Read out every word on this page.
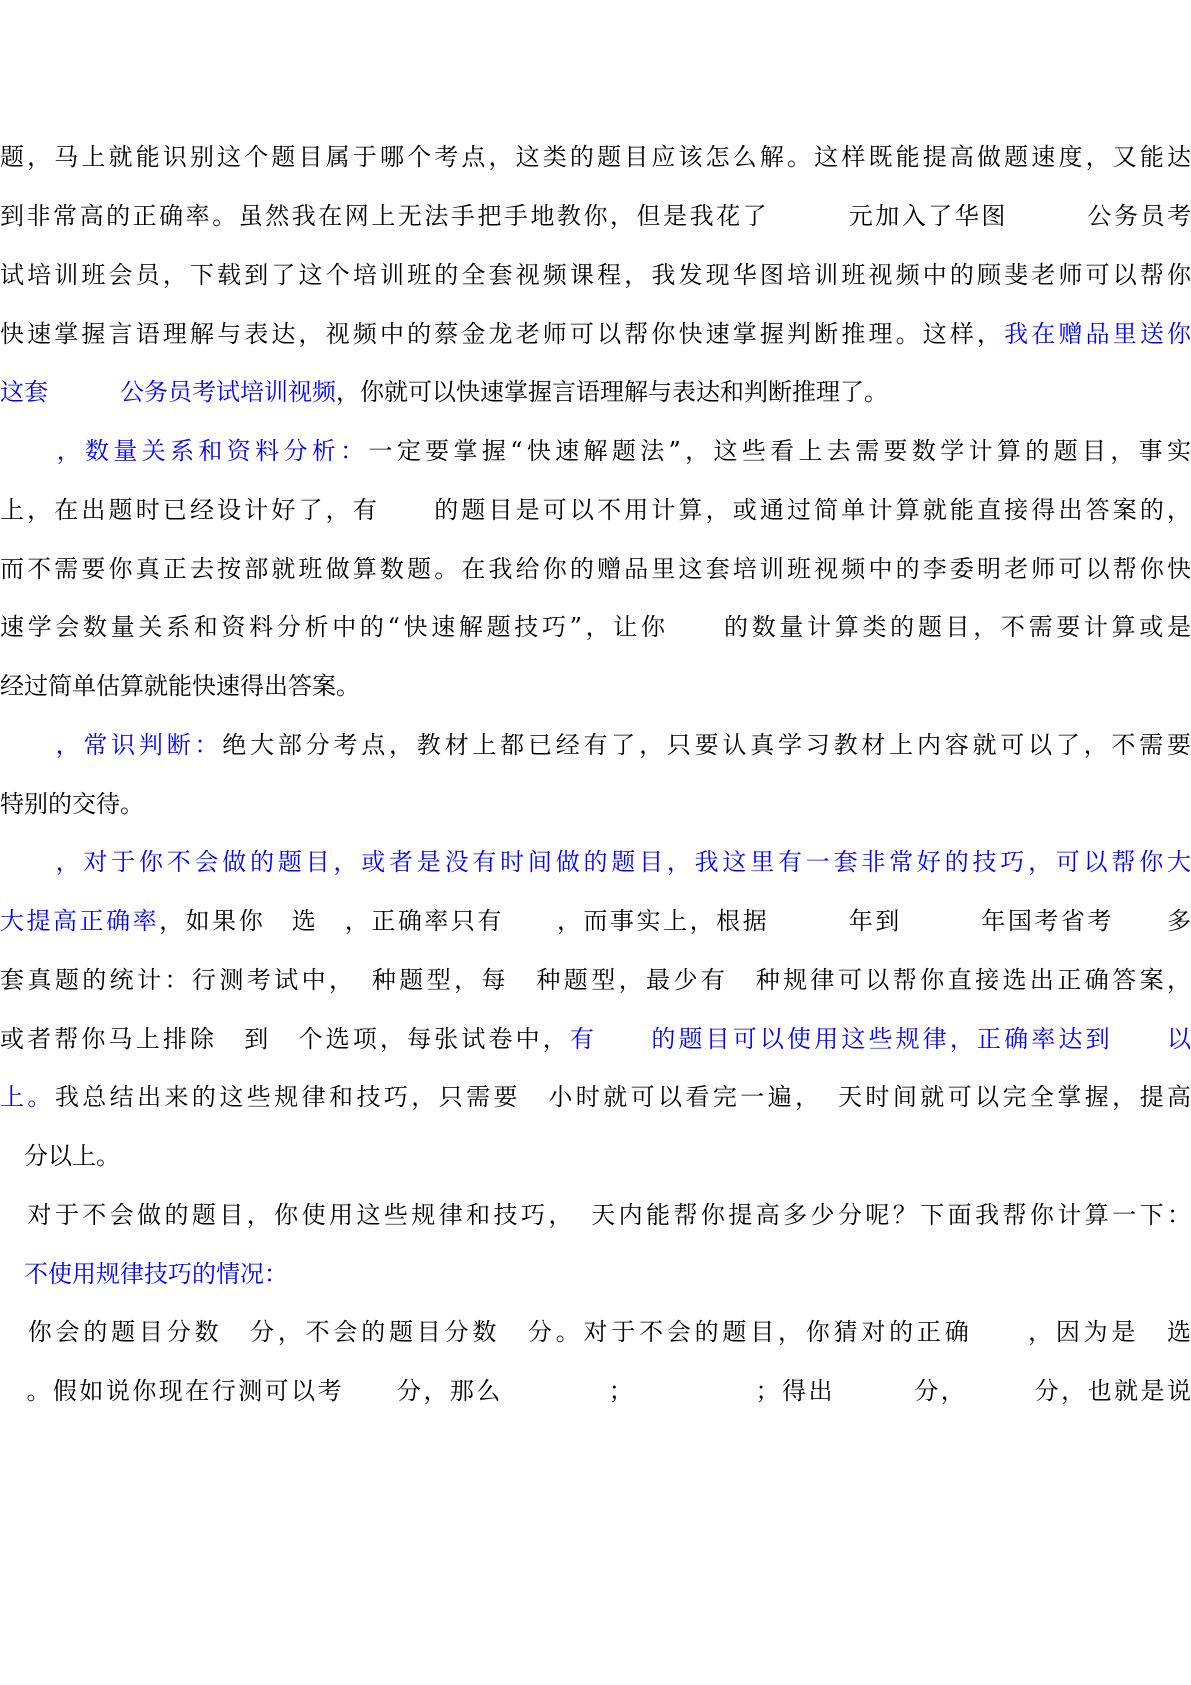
题，马上就能识别这个题目属于哪个考点，这类的题目应该怎么解。这样既能提高做题速度，又能达
到非常高的正确率。虽然我在网上无法手把手地教你，但是我花了　　　元加入了华图　　　公务员考
试培训班会员，下载到了这个培训班的全套视频课程，我发现华图培训班视频中的顾斐老师可以帮你
快速掌握言语理解与表达，视频中的蔡金龙老师可以帮你快速掌握判断推理。这样，我在赠品里送你
这套　　　公务员考试培训视频，你就可以快速掌握言语理解与表达和判断推理了。
　　，数量关系和资料分析：一定要掌握“快速解题法”，这些看上去需要数学计算的题目，事实
上，在出题时已经设计好了，有　　的题目是可以不用计算，或通过简单计算就能直接得出答案的，
而不需要你真正去按部就班做算数题。在我给你的赠品里这套培训班视频中的李委明老师可以帮你快
速学会数量关系和资料分析中的“快速解题技巧”，让你　　的数量计算类的题目，不需要计算或是
经过简单估算就能快速得出答案。
　　，常识判断：绝大部分考点，教材上都已经有了，只要认真学习教材上内容就可以了，不需要
特别的交待。
　　，对于你不会做的题目，或者是没有时间做的题目，我这里有一套非常好的技巧，可以帮你大
大提高正确率，如果你　选　，正确率只有　　，而事实上，根据　　　年到　　　年国考省考　　多
套真题的统计：行测考试中，　种题型，每　种题型，最少有　种规律可以帮你直接选出正确答案，
或者帮你马上排除　到　个选项，每张试卷中，有　　的题目可以使用这些规律，正确率达到　　以
上。我总结出来的这些规律和技巧，只需要　小时就可以看完一遍，　天时间就可以完全掌握，提高
　分以上。
　对于不会做的题目，你使用这些规律和技巧，　天内能帮你提高多少分呢？下面我帮你计算一下：
　不使用规律技巧的情况：
　你会的题目分数　分，不会的题目分数　分。对于不会的题目，你猜对的正确　　，因为是　选
　。假如说你现在行测可以考　　分，那么　　　　；　　　　　；得出　　　分，　　　分，也就是说
